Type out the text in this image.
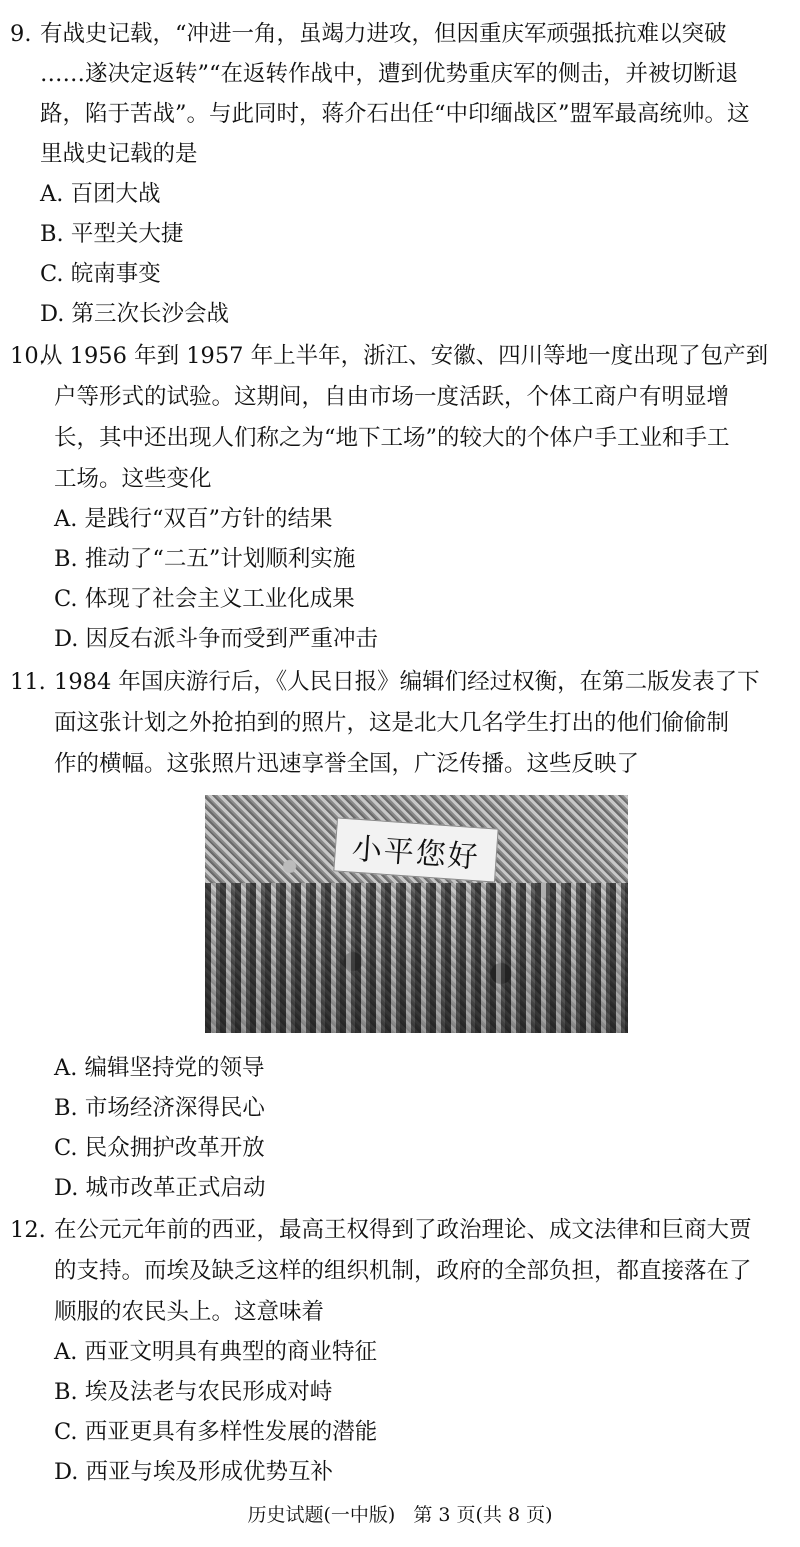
9. 有战史记载，“冲进一角，虽竭力进攻，但因重庆军顽强抵抗难以突破
……遂决定返转”“在返转作战中，遭到优势重庆军的侧击，并被切断退
路，陷于苦战”。与此同时，蒋介石出任“中印缅战区”盟军最高统帅。这
里战史记载的是
A. 百团大战
B. 平型关大捷
C. 皖南事变
D. 第三次长沙会战
10.
从 1956 年到 1957 年上半年，浙江、安徽、四川等地一度出现了包产到
户等形式的试验。这期间，自由市场一度活跃，个体工商户有明显增
长，其中还出现人们称之为“地下工场”的较大的个体户手工业和手工
工场。这些变化
A. 是践行“双百”方针的结果
B. 推动了“二五”计划顺利实施
C. 体现了社会主义工业化成果
D. 因反右派斗争而受到严重冲击
11. 1984 年国庆游行后，《人民日报》编辑们经过权衡，在第二版发表了下
面这张计划之外抢拍到的照片，这是北大几名学生打出的他们偷偷制
作的横幅。这张照片迅速享誉全国，广泛传播。这些反映了
小平您好
A. 编辑坚持党的领导
B. 市场经济深得民心
C. 民众拥护改革开放
D. 城市改革正式启动
12. 在公元元年前的西亚，最高王权得到了政治理论、成文法律和巨商大贾
的支持。而埃及缺乏这样的组织机制，政府的全部负担，都直接落在了
顺服的农民头上。这意味着
A. 西亚文明具有典型的商业特征
B. 埃及法老与农民形成对峙
C. 西亚更具有多样性发展的潜能
D. 西亚与埃及形成优势互补
历史试题(一中版)   第 3 页(共 8 页)
